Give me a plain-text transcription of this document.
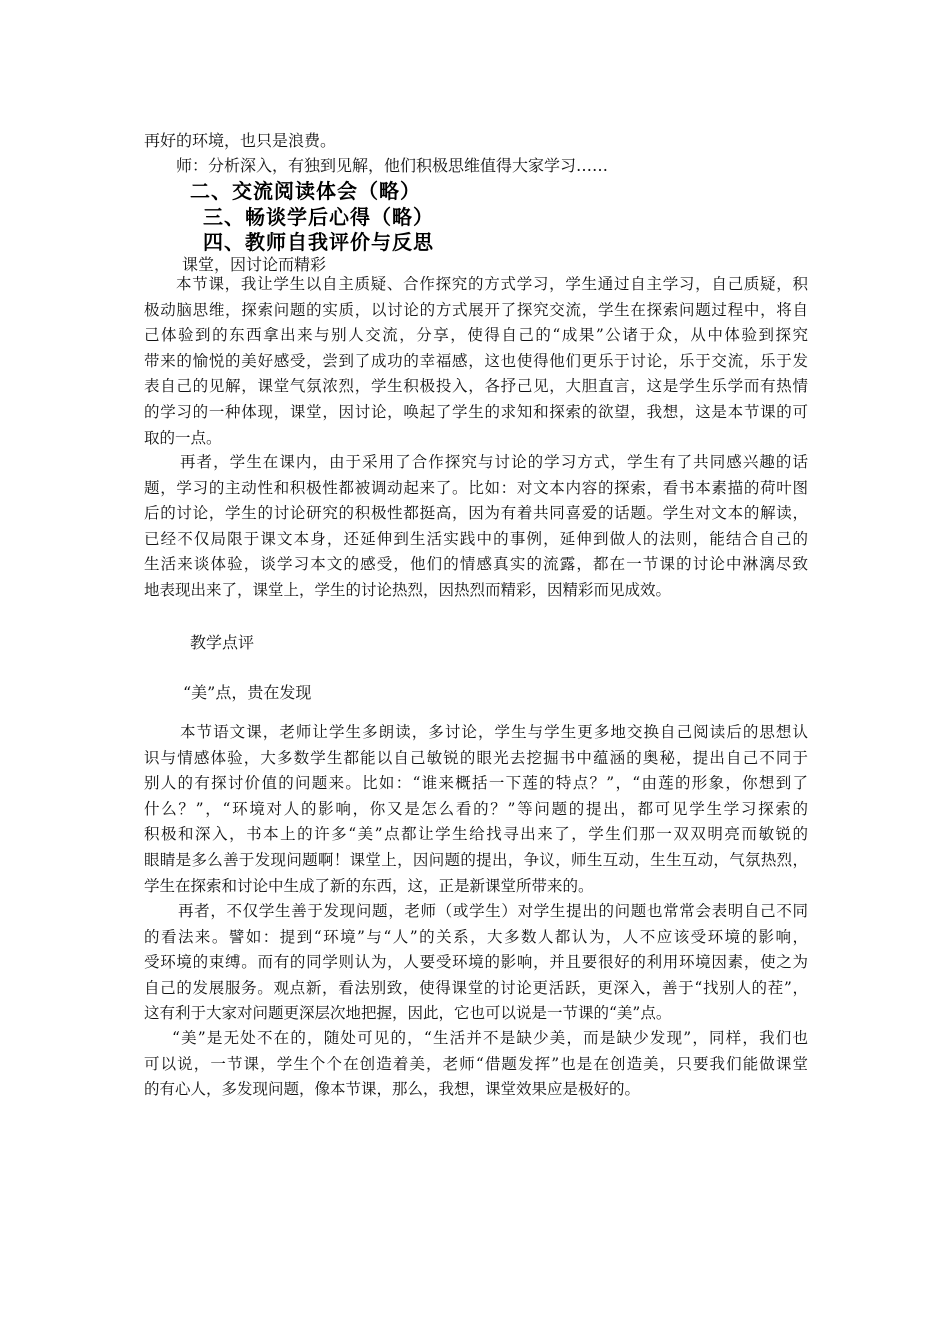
再好的环境，也只是浪费。
师：分析深入，有独到见解，他们积极思维值得大家学习……
二、交流阅读体会（略）
三、畅谈学后心得（略）
四、教师自我评价与反思
课堂，因讨论而精彩
本节课，我让学生以自主质疑、合作探究的方式学习，学生通过自主学习，自己质疑，积
极动脑思维，探索问题的实质，以讨论的方式展开了探究交流，学生在探索问题过程中，将自
己体验到的东西拿出来与别人交流，分享，使得自己的“成果”公诸于众，从中体验到探究
带来的愉悦的美好感受，尝到了成功的幸福感，这也使得他们更乐于讨论，乐于交流，乐于发
表自己的见解，课堂气氛浓烈，学生积极投入，各抒己见，大胆直言，这是学生乐学而有热情
的学习的一种体现，课堂，因讨论，唤起了学生的求知和探索的欲望，我想，这是本节课的可
取的一点。
再者，学生在课内，由于采用了合作探究与讨论的学习方式，学生有了共同感兴趣的话
题，学习的主动性和积极性都被调动起来了。比如：对文本内容的探索，看书本素描的荷叶图
后的讨论，学生的讨论研究的积极性都挺高，因为有着共同喜爱的话题。学生对文本的解读，
已经不仅局限于课文本身，还延伸到生活实践中的事例，延伸到做人的法则，能结合自己的
生活来谈体验，谈学习本文的感受，他们的情感真实的流露，都在一节课的讨论中淋漓尽致
地表现出来了，课堂上，学生的讨论热烈，因热烈而精彩，因精彩而见成效。
教学点评
“美”点，贵在发现
本节语文课，老师让学生多朗读，多讨论，学生与学生更多地交换自己阅读后的思想认
识与情感体验，大多数学生都能以自己敏锐的眼光去挖掘书中蕴涵的奥秘，提出自己不同于
别人的有探讨价值的问题来。比如：“谁来概括一下莲的特点？”，“由莲的形象，你想到了
什么？”，“环境对人的影响，你又是怎么看的？”等问题的提出，都可见学生学习探索的
积极和深入，书本上的许多“美”点都让学生给找寻出来了，学生们那一双双明亮而敏锐的
眼睛是多么善于发现问题啊！课堂上，因问题的提出，争议，师生互动，生生互动，气氛热烈，
学生在探索和讨论中生成了新的东西，这，正是新课堂所带来的。
再者，不仅学生善于发现问题，老师（或学生）对学生提出的问题也常常会表明自己不同
的看法来。譬如：提到“环境”与“人”的关系，大多数人都认为，人不应该受环境的影响，
受环境的束缚。而有的同学则认为，人要受环境的影响，并且要很好的利用环境因素，使之为
自己的发展服务。观点新，看法别致，使得课堂的讨论更活跃，更深入，善于“找别人的茬”，
这有利于大家对问题更深层次地把握，因此，它也可以说是一节课的“美”点。
“美”是无处不在的，随处可见的，“生活并不是缺少美，而是缺少发现”，同样，我们也
可以说，一节课，学生个个在创造着美，老师“借题发挥”也是在创造美，只要我们能做课堂
的有心人，多发现问题，像本节课，那么，我想，课堂效果应是极好的。
